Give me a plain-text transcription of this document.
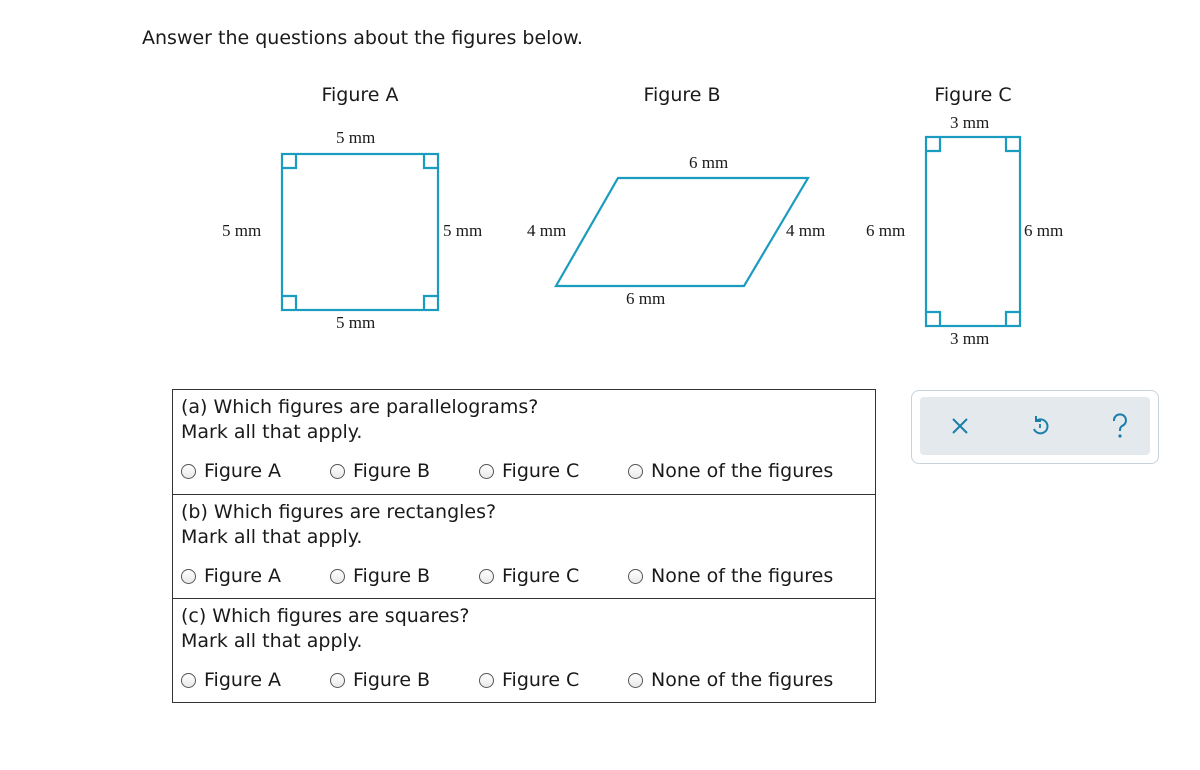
Answer the questions about the figures below.
Figure A	Figure B	Figure C
5 mm
5 mm
5 mm	5 mm
6 mm
6 mm
4 mm	4 mm
3 mm
3 mm
6 mm	6 mm
(a) Which figures are parallelograms?
Mark all that apply.
Figure A	Figure B	Figure C	None of the figures
(b) Which figures are rectangles?
Mark all that apply.
Figure A	Figure B	Figure C	None of the figures
(c) Which figures are squares?
Mark all that apply.
Figure A	Figure B	Figure C	None of the figures
